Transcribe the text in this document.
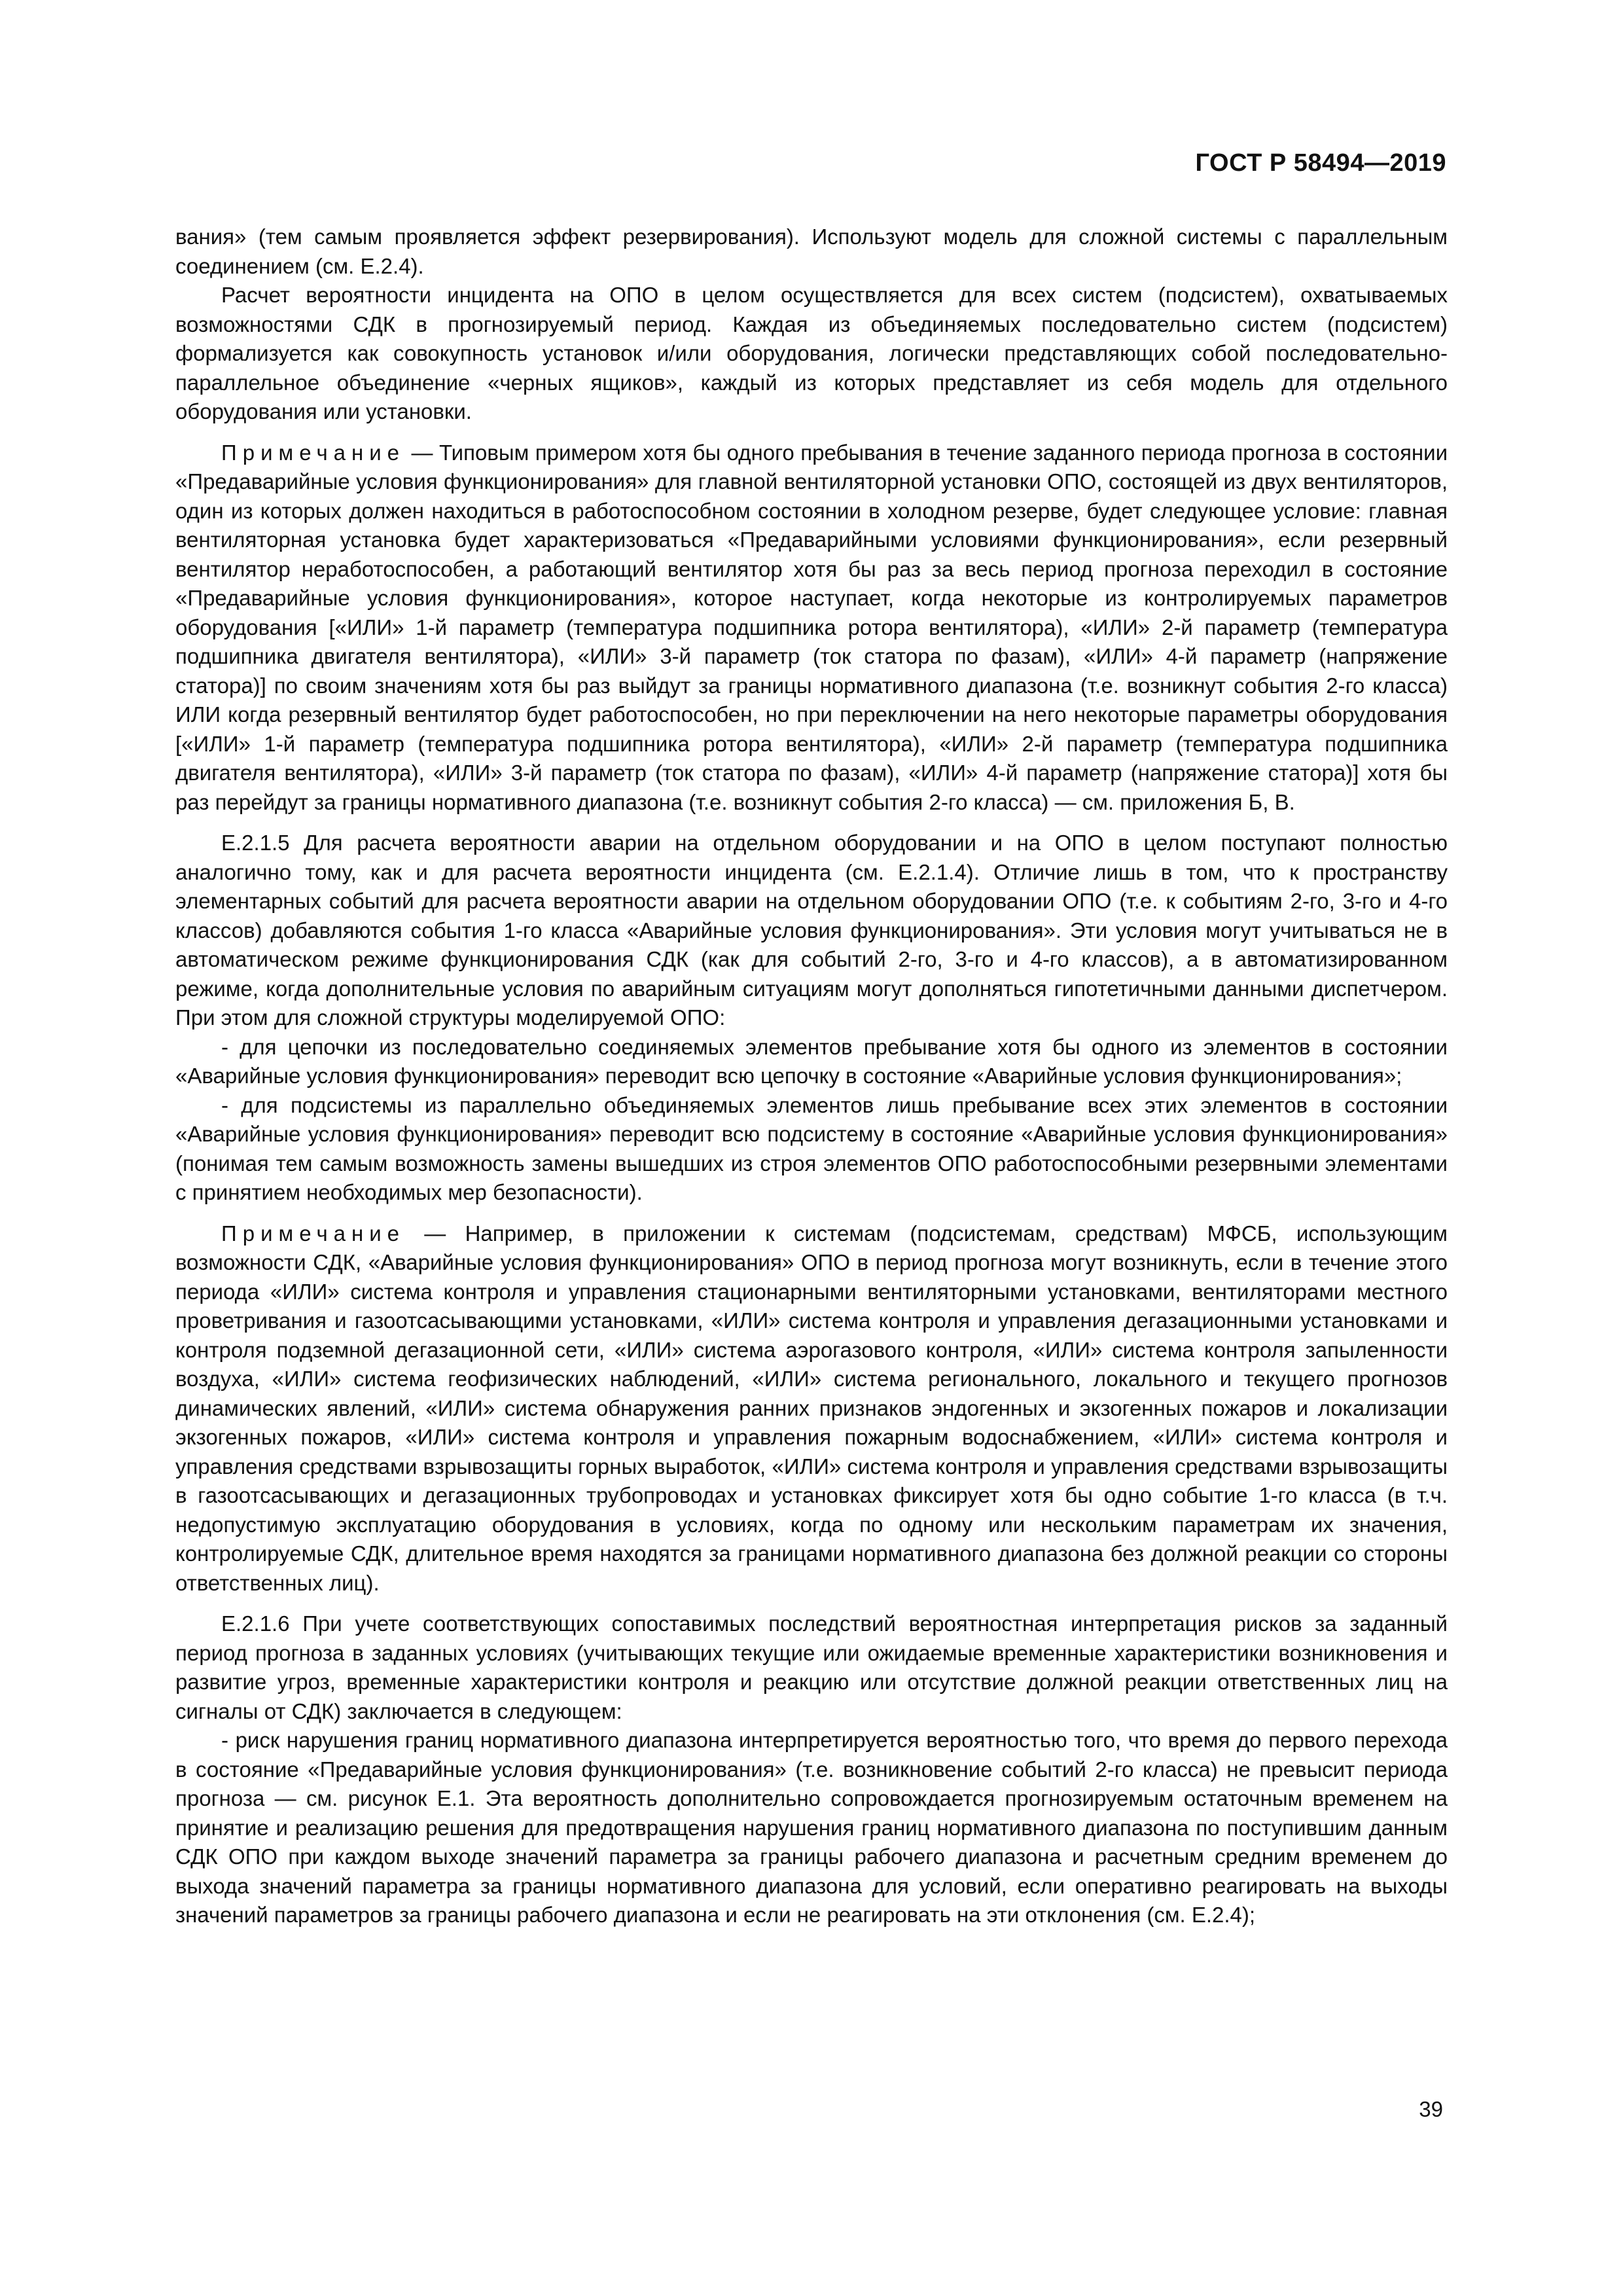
ГОСТ Р 58494—2019

вания» (тем самым проявляется эффект резервирования). Используют модель для сложной системы с параллельным соединением (см. Е.2.4).

Расчет вероятности инцидента на ОПО в целом осуществляется для всех систем (подсистем), охватываемых возможностями СДК в прогнозируемый период. Каждая из объединяемых последовательно систем (подсистем) формализуется как совокупность установок и/или оборудования, логически представляющих собой последовательно-параллельное объединение «черных ящиков», каждый из которых представляет из себя модель для отдельного оборудования или установки.

Примечание — Типовым примером хотя бы одного пребывания в течение заданного периода прогноза в состоянии «Предаварийные условия функционирования» для главной вентиляторной установки ОПО, состоящей из двух вентиляторов, один из которых должен находиться в работоспособном состоянии в холодном резерве, будет следующее условие: главная вентиляторная установка будет характеризоваться «Предаварийными условиями функционирования», если резервный вентилятор неработоспособен, а работающий вентилятор хотя бы раз за весь период прогноза переходил в состояние «Предаварийные условия функционирования», которое наступает, когда некоторые из контролируемых параметров оборудования [«ИЛИ» 1-й параметр (температура подшипника ротора вентилятора), «ИЛИ» 2-й параметр (температура подшипника двигателя вентилятора), «ИЛИ» 3-й параметр (ток статора по фазам), «ИЛИ» 4-й параметр (напряжение статора)] по своим значениям хотя бы раз выйдут за границы нормативного диапазона (т.е. возникнут события 2-го класса) ИЛИ когда резервный вентилятор будет работоспособен, но при переключении на него некоторые параметры оборудования [«ИЛИ» 1-й параметр (температура подшипника ротора вентилятора), «ИЛИ» 2-й параметр (температура подшипника двигателя вентилятора), «ИЛИ» 3-й параметр (ток статора по фазам), «ИЛИ» 4-й параметр (напряжение статора)] хотя бы раз перейдут за границы нормативного диапазона (т.е. возникнут события 2-го класса) — см. приложения Б, В.

Е.2.1.5 Для расчета вероятности аварии на отдельном оборудовании и на ОПО в целом поступают полностью аналогично тому, как и для расчета вероятности инцидента (см. Е.2.1.4). Отличие лишь в том, что к пространству элементарных событий для расчета вероятности аварии на отдельном оборудовании ОПО (т.е. к событиям 2-го, 3-го и 4-го классов) добавляются события 1-го класса «Аварийные условия функционирования». Эти условия могут учитываться не в автоматическом режиме функционирования СДК (как для событий 2-го, 3-го и 4-го классов), а в автоматизированном режиме, когда дополнительные условия по аварийным ситуациям могут дополняться гипотетичными данными диспетчером. При этом для сложной структуры моделируемой ОПО:

- для цепочки из последовательно соединяемых элементов пребывание хотя бы одного из элементов в состоянии «Аварийные условия функционирования» переводит всю цепочку в состояние «Аварийные условия функционирования»;

- для подсистемы из параллельно объединяемых элементов лишь пребывание всех этих элементов в состоянии «Аварийные условия функционирования» переводит всю подсистему в состояние «Аварийные условия функционирования» (понимая тем самым возможность замены вышедших из строя элементов ОПО работоспособными резервными элементами с принятием необходимых мер безопасности).

Примечание — Например, в приложении к системам (подсистемам, средствам) МФСБ, использующим возможности СДК, «Аварийные условия функционирования» ОПО в период прогноза могут возникнуть, если в течение этого периода «ИЛИ» система контроля и управления стационарными вентиляторными установками, вентиляторами местного проветривания и газоотсасывающими установками, «ИЛИ» система контроля и управления дегазационными установками и контроля подземной дегазационной сети, «ИЛИ» система аэрогазового контроля, «ИЛИ» система контроля запыленности воздуха, «ИЛИ» система геофизических наблюдений, «ИЛИ» система регионального, локального и текущего прогнозов динамических явлений, «ИЛИ» система обнаружения ранних признаков эндогенных и экзогенных пожаров и локализации экзогенных пожаров, «ИЛИ» система контроля и управления пожарным водоснабжением, «ИЛИ» система контроля и управления средствами взрывозащиты горных выработок, «ИЛИ» система контроля и управления средствами взрывозащиты в газоотсасывающих и дегазационных трубопроводах и установках фиксирует хотя бы одно событие 1-го класса (в т.ч. недопустимую эксплуатацию оборудования в условиях, когда по одному или нескольким параметрам их значения, контролируемые СДК, длительное время находятся за границами нормативного диапазона без должной реакции со стороны ответственных лиц).

Е.2.1.6 При учете соответствующих сопоставимых последствий вероятностная интерпретация рисков за заданный период прогноза в заданных условиях (учитывающих текущие или ожидаемые временные характеристики возникновения и развитие угроз, временные характеристики контроля и реакцию или отсутствие должной реакции ответственных лиц на сигналы от СДК) заключается в следующем:

- риск нарушения границ нормативного диапазона интерпретируется вероятностью того, что время до первого перехода в состояние «Предаварийные условия функционирования» (т.е. возникновение событий 2-го класса) не превысит периода прогноза — см. рисунок Е.1. Эта вероятность дополнительно сопровождается прогнозируемым остаточным временем на принятие и реализацию решения для предотвращения нарушения границ нормативного диапазона по поступившим данным СДК ОПО при каждом выходе значений параметра за границы рабочего диапазона и расчетным средним временем до выхода значений параметра за границы нормативного диапазона для условий, если оперативно реагировать на выходы значений параметров за границы рабочего диапазона и если не реагировать на эти отклонения (см. Е.2.4);

39
